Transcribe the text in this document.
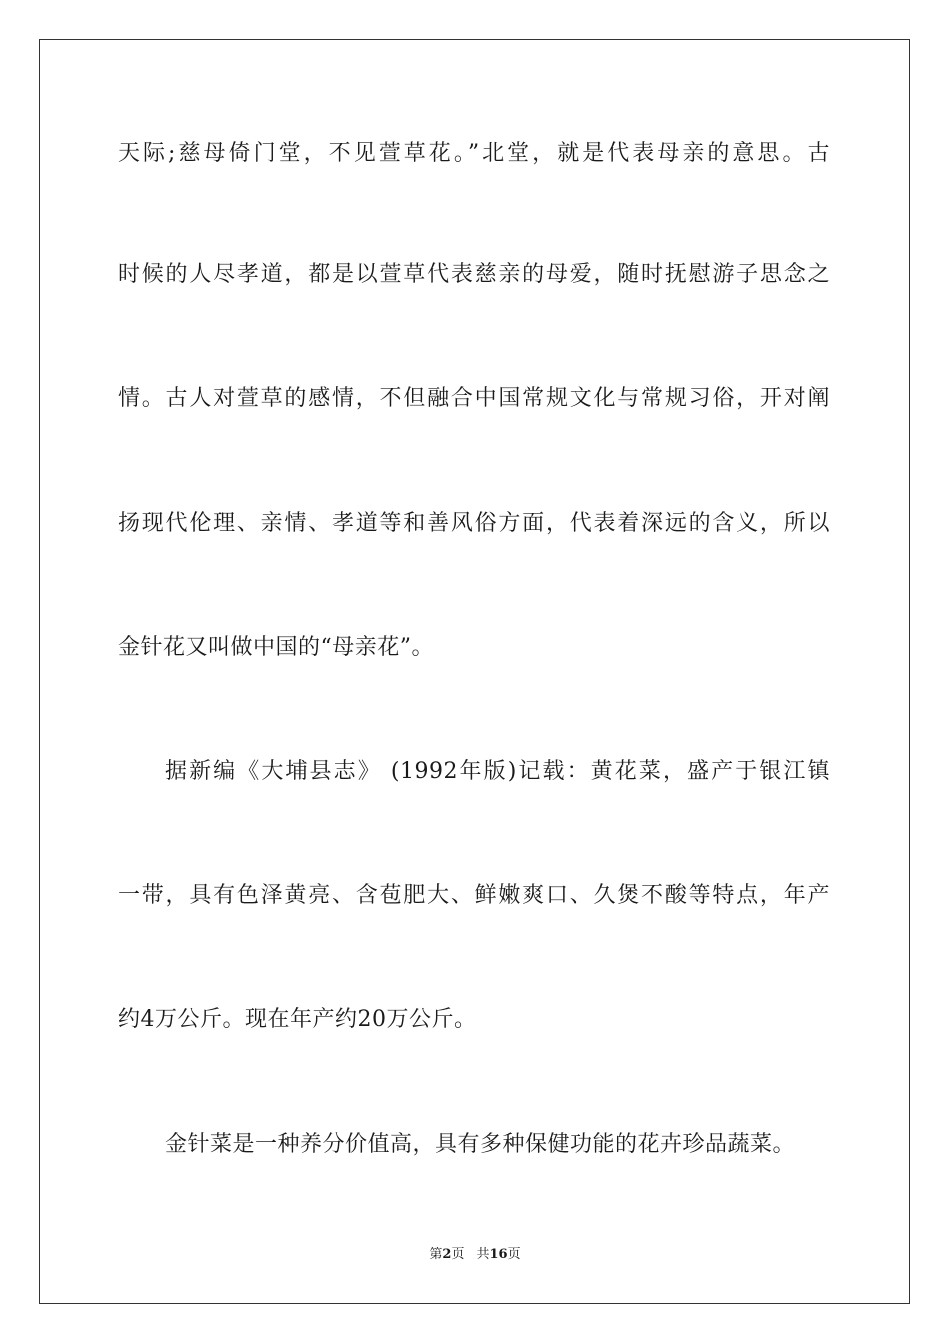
天际;慈母倚门堂，不见萱草花。”北堂，就是代表母亲的意思。古
时候的人尽孝道，都是以萱草代表慈亲的母爱，随时抚慰游子思念之
情。古人对萱草的感情，不但融合中国常规文化与常规习俗，开对阐
扬现代伦理、亲情、孝道等和善风俗方面，代表着深远的含义，所以
金针花又叫做中国的“母亲花”。
据新编《大埔县志》 (1992年版)记载：黄花菜，盛产于银江镇
一带，具有色泽黄亮、含苞肥大、鲜嫩爽口、久煲不酸等特点，年产
约4万公斤。现在年产约20万公斤。
金针菜是一种养分价值高，具有多种保健功能的花卉珍品蔬菜。
第2页 共16页
